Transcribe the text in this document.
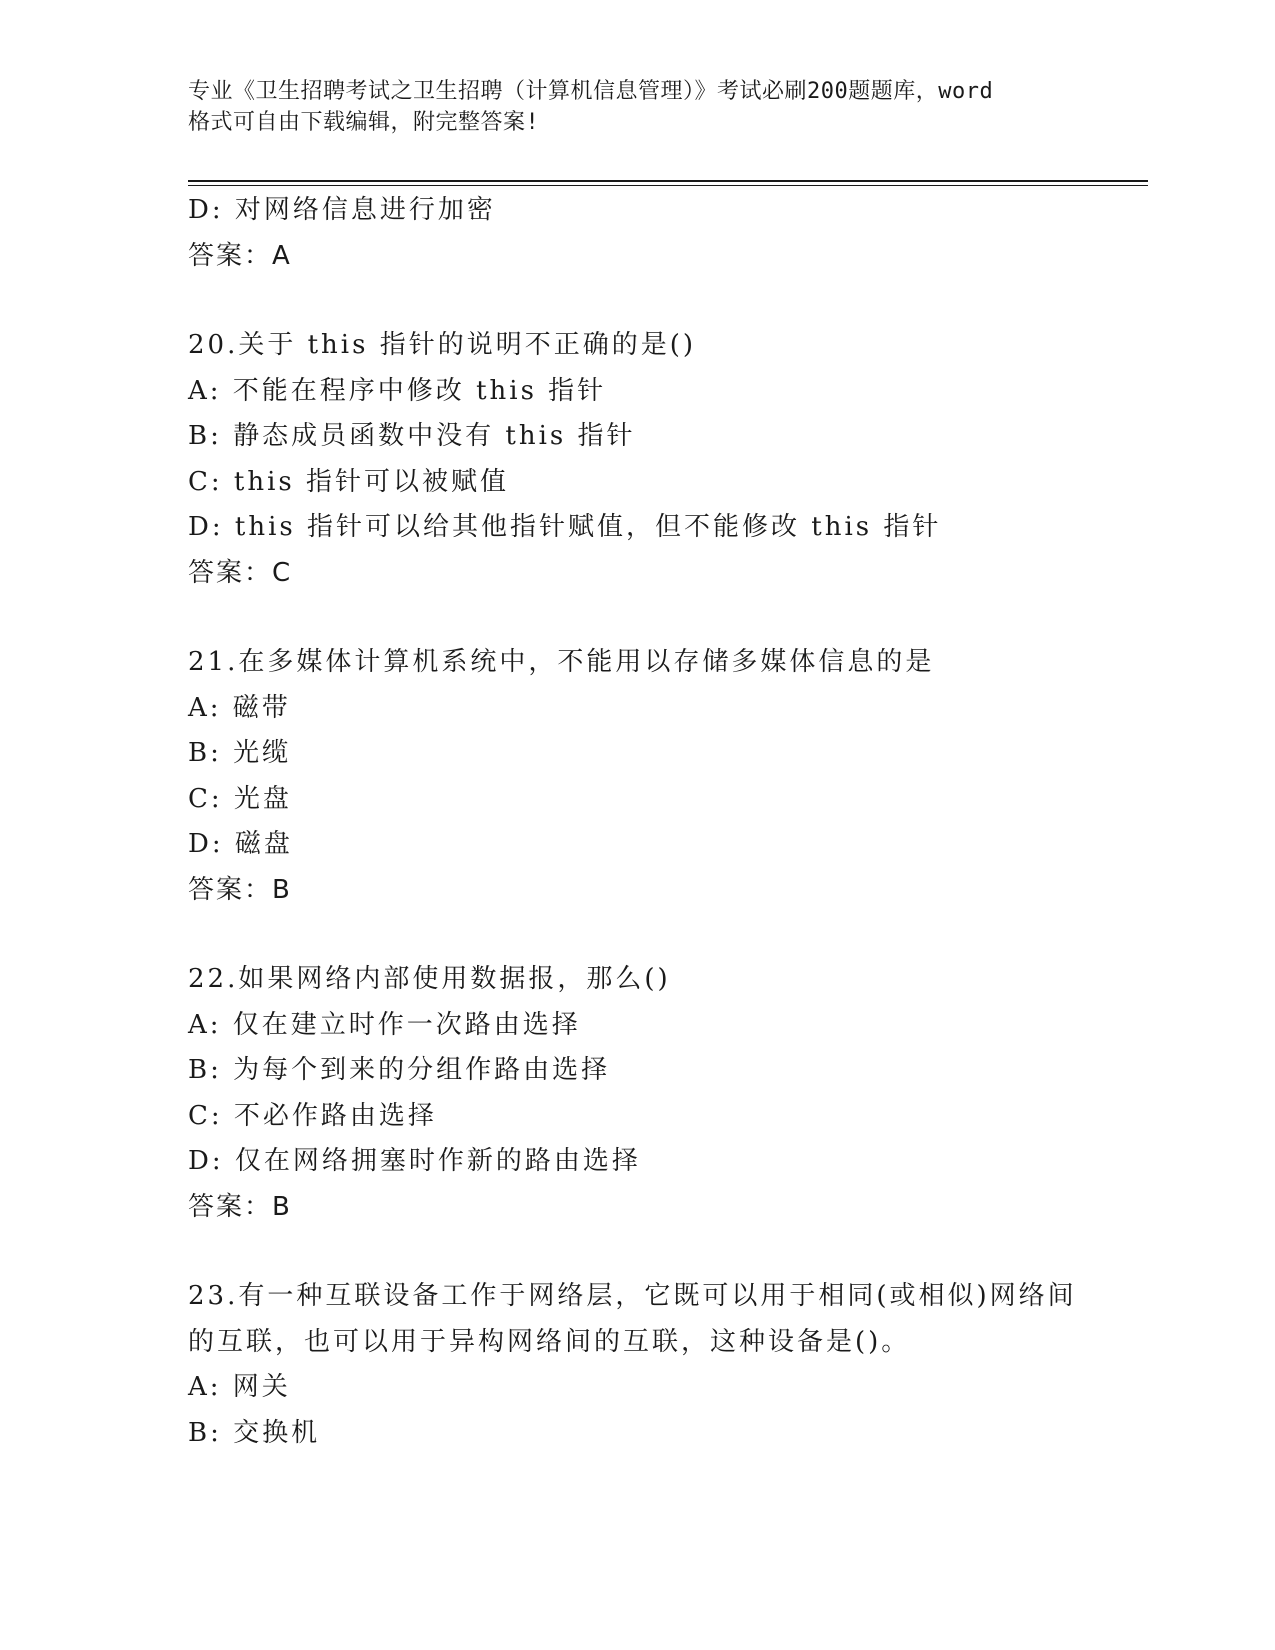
专业《卫生招聘考试之卫生招聘（计算机信息管理）》考试必刷200题题库，word
格式可自由下载编辑，附完整答案!
D: 对网络信息进行加密
答案：A
20.关于 this 指针的说明不正确的是()
A: 不能在程序中修改 this 指针
B: 静态成员函数中没有 this 指针
C: this 指针可以被赋值
D: this 指针可以给其他指针赋值，但不能修改 this 指针
答案：C
21.在多媒体计算机系统中，不能用以存储多媒体信息的是
A: 磁带
B: 光缆
C: 光盘
D: 磁盘
答案：B
22.如果网络内部使用数据报，那么()
A: 仅在建立时作一次路由选择
B: 为每个到来的分组作路由选择
C: 不必作路由选择
D: 仅在网络拥塞时作新的路由选择
答案：B
23.有一种互联设备工作于网络层，它既可以用于相同(或相似)网络间
的互联，也可以用于异构网络间的互联，这种设备是()。
A: 网关
B: 交换机
